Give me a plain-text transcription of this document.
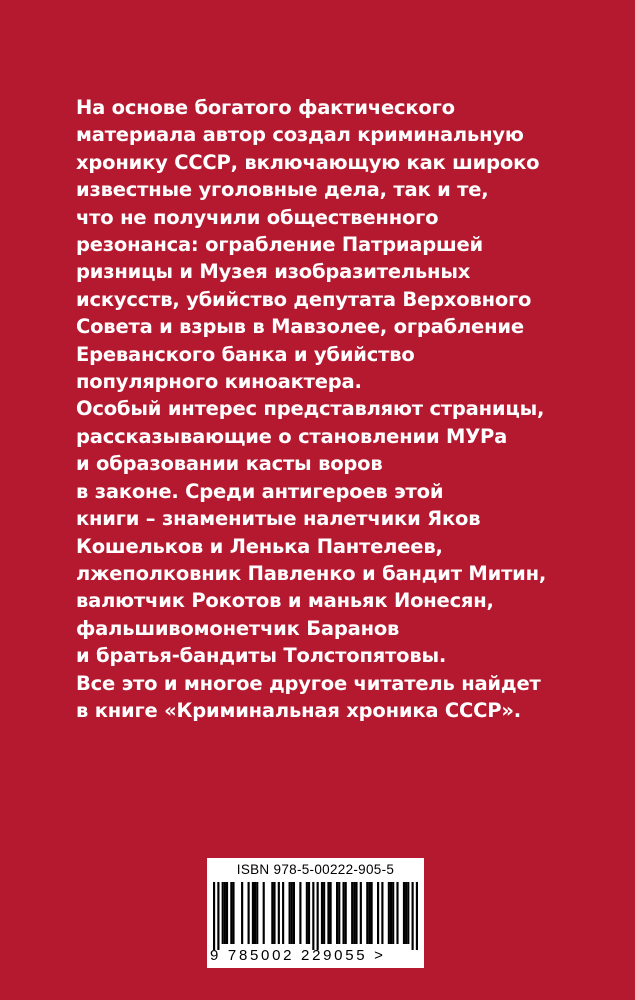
На основе богатого фактического
материала автор создал криминальную
хронику СССР, включающую как широко
известные уголовные дела, так и те,
что не получили общественного
резонанса: ограбление Патриаршей
ризницы и Музея изобразительных
искусств, убийство депутата Верховного
Совета и взрыв в Мавзолее, ограбление
Ереванского банка и убийство
популярного киноактера.
Особый интерес представляют страницы,
рассказывающие о становлении МУРа
и образовании касты воров
в законе. Среди антигероев этой
книги – знаменитые налетчики Яков
Кошельков и Ленька Пантелеев,
лжеполковник Павленко и бандит Митин,
валютчик Рокотов и маньяк Ионесян,
фальшивомонетчик Баранов
и братья-бандиты Толстопятовы.
Все это и многое другое читатель найдет
в книге «Криминальная хроника СССР».
ISBN 978-5-00222-905-5
9 785002 229055 >
